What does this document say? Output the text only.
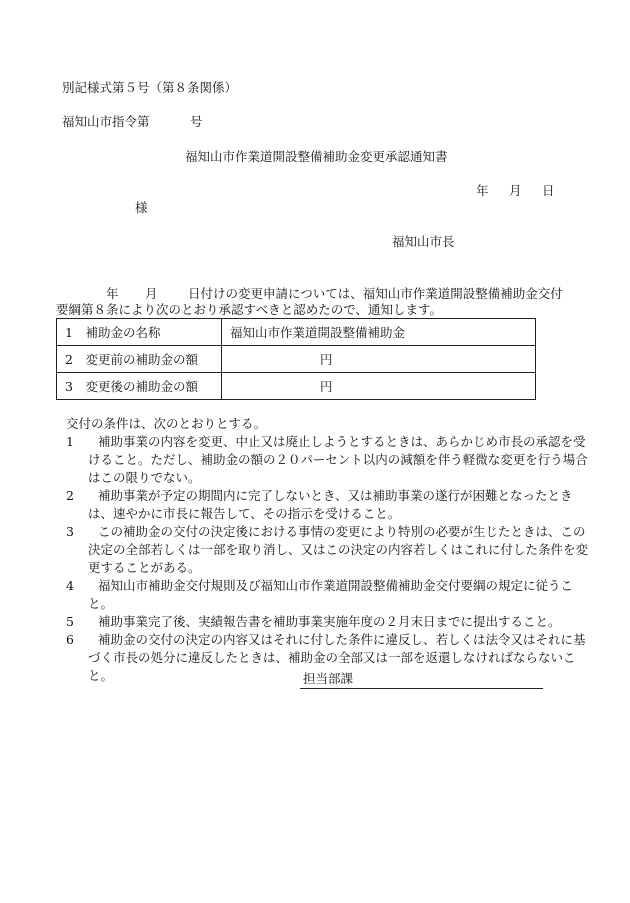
別記様式第５号（第８条関係）
福知山市指令第	号
福知山市作業道開設整備補助金変更承認通知書
年 月 日
様
福知山市長
年 月 日付けの変更申請については、福知山市作業道開設整備補助金交付
要綱第８条により次のとおり承認すべきと認めたので、通知します。
1　 補助金の名称	福知山市作業道開設整備補助金
2　 変更前の補助金の額	円
3　 変更後の補助金の額	円
交付の条件は、次のとおりとする。
1	補助事業の内容を変更、中止又は廃止しようとするときは、あらかじめ市長の承認を受けること。ただし、補助金の額の２０パーセント以内の減額を伴う軽微な変更を行う場合はこの限りでない。
2	補助事業が予定の期間内に完了しないとき、又は補助事業の遂行が困難となったときは、速やかに市長に報告して、その指示を受けること。
3	この補助金の交付の決定後における事情の変更により特別の必要が生じたときは、この決定の全部若しくは一部を取り消し、又はこの決定の内容若しくはこれに付した条件を変更することがある。
4	福知山市補助金交付規則及び福知山市作業道開設整備補助金交付要綱の規定に従うこと。
5	補助事業完了後、実績報告書を補助事業実施年度の２月末日までに提出すること。
6	補助金の交付の決定の内容又はそれに付した条件に違反し、若しくは法令又はそれに基づく市長の処分に違反したときは、補助金の全部又は一部を返還しなければならないこと。	担当部課
